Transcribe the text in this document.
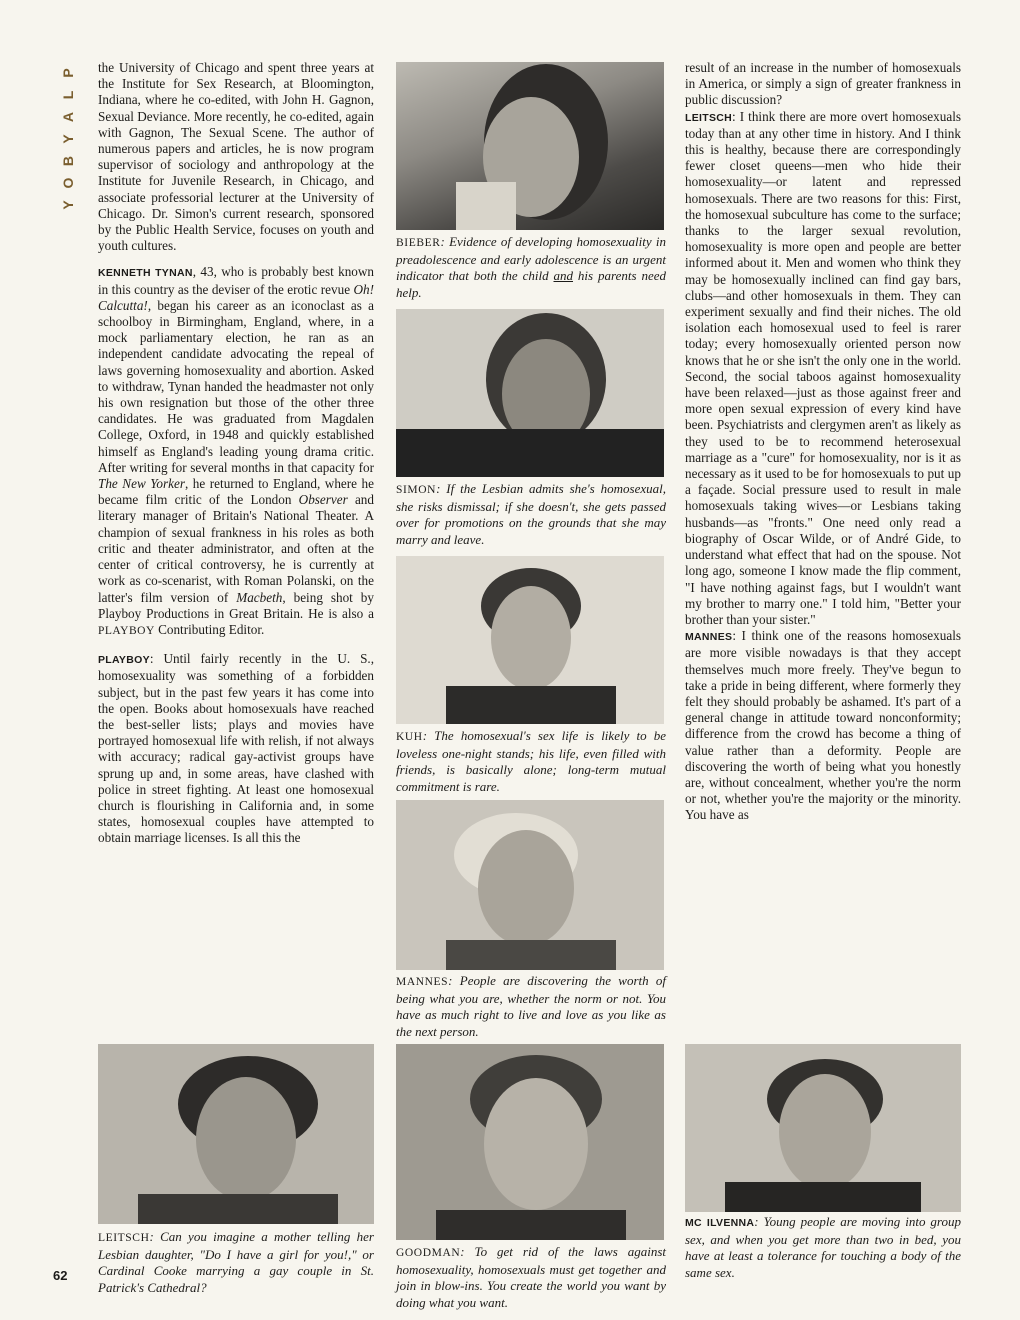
P
L
A
Y
B
O
Y

the University of Chicago and spent three years at the Institute for Sex Research, at Bloomington, Indiana, where he co-edited, with John H. Gagnon, Sexual Deviance. More recently, he co-edited, again with Gagnon, The Sexual Scene. The author of numerous papers and articles, he is now program supervisor of sociology and anthropology at the Institute for Juvenile Research, in Chicago, and associate professorial lecturer at the University of Chicago. Dr. Simon's current research, sponsored by the Public Health Service, focuses on youth and youth cultures.

KENNETH TYNAN, 43, who is probably best known in this country as the deviser of the erotic revue Oh! Calcutta!, began his career as an iconoclast as a schoolboy in Birmingham, England, where, in a mock parliamentary election, he ran as an independent candidate advocating the repeal of laws governing homosexuality and abortion. Asked to withdraw, Tynan handed the headmaster not only his own resignation but those of the other three candidates. He was graduated from Magdalen College, Oxford, in 1948 and quickly established himself as England's leading young drama critic. After writing for several months in that capacity for The New Yorker, he returned to England, where he became film critic of the London Observer and literary manager of Britain's National Theater. A champion of sexual frankness in his roles as both critic and theater administrator, and often at the center of critical controversy, he is currently at work as co-scenarist, with Roman Polanski, on the latter's film version of Macbeth, being shot by Playboy Productions in Great Britain. He is also a PLAYBOY Contributing Editor.

PLAYBOY: Until fairly recently in the U. S., homosexuality was something of a forbidden subject, but in the past few years it has come into the open. Books about homosexuals have reached the best-seller lists; plays and movies have portrayed homosexual life with relish, if not always with accuracy; radical gay-activist groups have sprung up and, in some areas, have clashed with police in street fighting. At least one homosexual church is flourishing in California and, in some states, homosexual couples have attempted to obtain marriage licenses. Is all this the

BIEBER: Evidence of developing homosexuality in preadolescence and early adolescence is an urgent indicator that both the child and his parents need help.
SIMON: If the Lesbian admits she's homosexual, she risks dismissal; if she doesn't, she gets passed over for promotions on the grounds that she may marry and leave.
KUH: The homosexual's sex life is likely to be loveless one-night stands; his life, even filled with friends, is basically alone; long-term mutual commitment is rare.
MANNES: People are discovering the worth of being what you are, whether the norm or not. You have as much right to live and love as you like as the next person.

result of an increase in the number of homosexuals in America, or simply a sign of greater frankness in public discussion?

LEITSCH: I think there are more overt homosexuals today than at any other time in history. And I think this is healthy, because there are correspondingly fewer closet queens—men who hide their homosexuality—or latent and repressed homosexuals. There are two reasons for this: First, the homosexual subculture has come to the surface; thanks to the larger sexual revolution, homosexuality is more open and people are better informed about it. Men and women who think they may be homosexually inclined can find gay bars, clubs—and other homosexuals in them. They can experiment sexually and find their niches. The old isolation each homosexual used to feel is rarer today; every homosexually oriented person now knows that he or she isn't the only one in the world. Second, the social taboos against homosexuality have been relaxed—just as those against freer and more open sexual expression of every kind have been. Psychiatrists and clergymen aren't as likely as they used to be to recommend heterosexual marriage as a "cure" for homosexuality, nor is it as necessary as it used to be for homosexuals to put up a façade. Social pressure used to result in male homosexuals taking wives—or Lesbians taking husbands—as "fronts." One need only read a biography of Oscar Wilde, or of André Gide, to understand what effect that had on the spouse. Not long ago, someone I know made the flip comment, "I have nothing against fags, but I wouldn't want my brother to marry one." I told him, "Better your brother than your sister."

MANNES: I think one of the reasons homosexuals are more visible nowadays is that they accept themselves much more freely. They've begun to take a pride in being different, where formerly they felt they should probably be ashamed. It's part of a general change in attitude toward nonconformity; difference from the crowd has become a thing of value rather than a deformity. People are discovering the worth of being what you honestly are, without concealment, whether you're the norm or not, whether you're the majority or the minority. You have as

LEITSCH: Can you imagine a mother telling her Lesbian daughter, "Do I have a girl for you!," or Cardinal Cooke marrying a gay couple in St. Patrick's Cathedral?
GOODMAN: To get rid of the laws against homosexuality, homosexuals must get together and join in blow-ins. You create the world you want by doing what you want.
MC ILVENNA: Young people are moving into group sex, and when you get more than two in bed, you have at least a tolerance for touching a body of the same sex.
62
